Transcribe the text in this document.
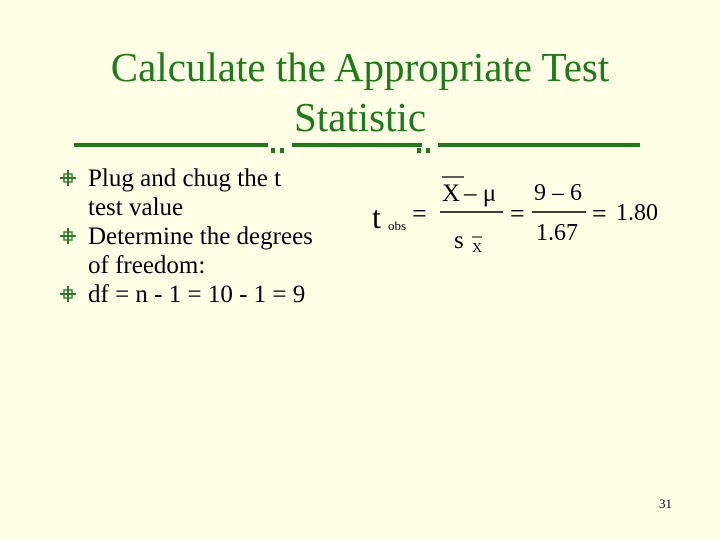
Calculate the Appropriate Test
Statistic
Plug and chug the t
test value
Determine the degrees
of freedom:
df = n - 1 = 10 - 1 = 9
t obs =
X – μ
s X
=
9 – 6
1.67
= 1.80
31
